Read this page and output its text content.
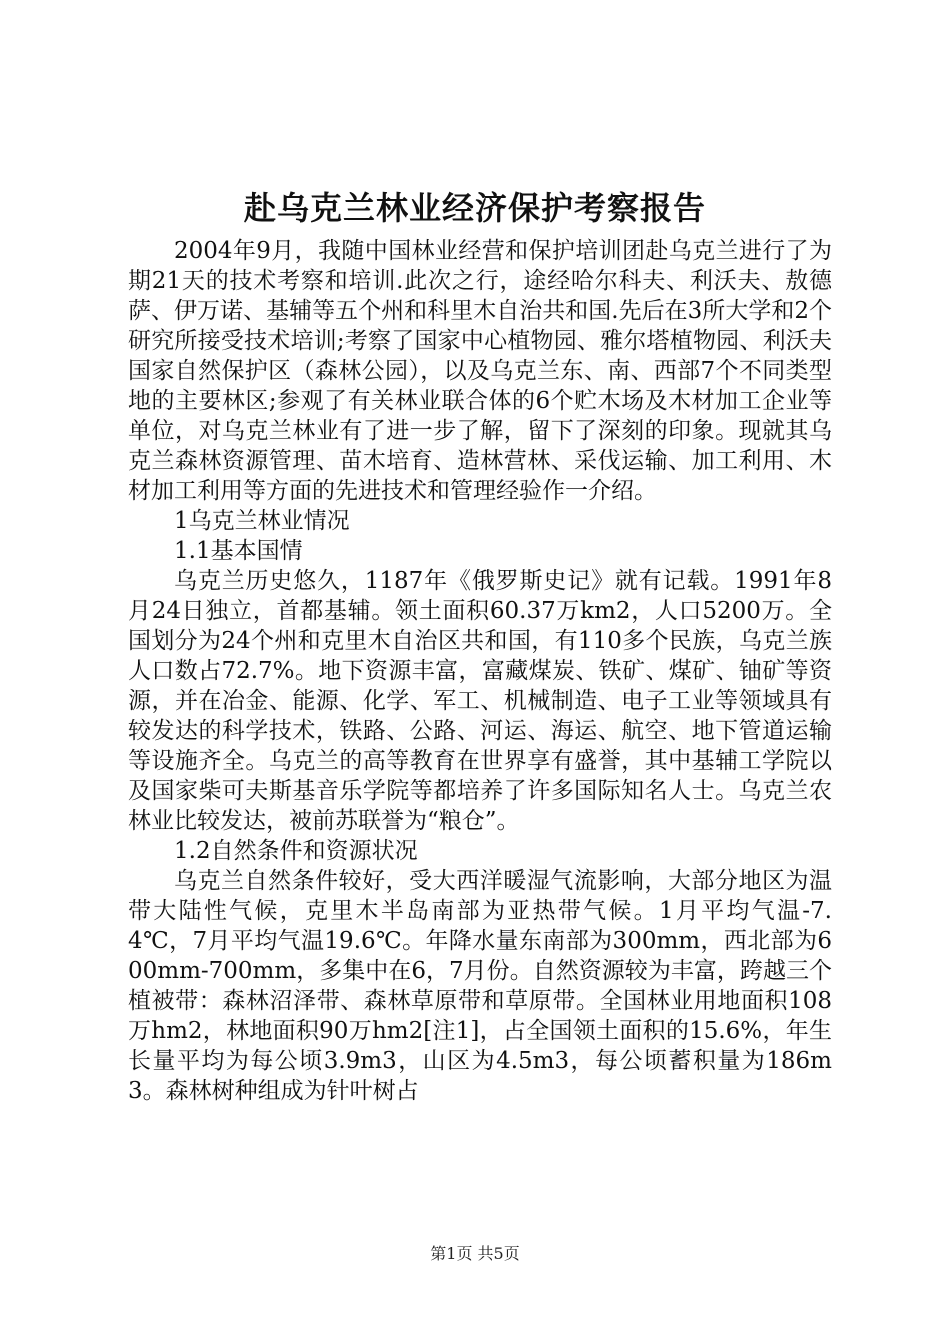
赴乌克兰林业经济保护考察报告

2004年9月，我随中国林业经营和保护培训团赴乌克兰进行了为期21天的技术考察和培训.此次之行，途经哈尔科夫、利沃夫、敖德萨、伊万诺、基辅等五个州和科里木自治共和国.先后在3所大学和2个研究所接受技术培训;考察了国家中心植物园、雅尔塔植物园、利沃夫国家自然保护区（森林公园），以及乌克兰东、南、西部7个不同类型地的主要林区;参观了有关林业联合体的6个贮木场及木材加工企业等单位，对乌克兰林业有了进一步了解，留下了深刻的印象。现就其乌克兰森林资源管理、苗木培育、造林营林、采伐运输、加工利用、木材加工利用等方面的先进技术和管理经验作一介绍。

1乌克兰林业情况

1.1基本国情

乌克兰历史悠久，1187年《俄罗斯史记》就有记载。1991年8月24日独立，首都基辅。领土面积60.37万km2，人口5200万。全国划分为24个州和克里木自治区共和国，有110多个民族，乌克兰族人口数占72.7%。地下资源丰富，富藏煤炭、铁矿、煤矿、铀矿等资源，并在冶金、能源、化学、军工、机械制造、电子工业等领域具有较发达的科学技术，铁路、公路、河运、海运、航空、地下管道运输等设施齐全。乌克兰的高等教育在世界享有盛誉，其中基辅工学院以及国家柴可夫斯基音乐学院等都培养了许多国际知名人士。乌克兰农林业比较发达，被前苏联誉为“粮仓”。

1.2自然条件和资源状况

乌克兰自然条件较好，受大西洋暖湿气流影响，大部分地区为温带大陆性气候，克里木半岛南部为亚热带气候。1月平均气温-7.4℃，7月平均气温19.6℃。年降水量东南部为300mm，西北部为600mm-700mm，多集中在6，7月份。自然资源较为丰富，跨越三个植被带：森林沼泽带、森林草原带和草原带。全国林业用地面积108万hm2，林地面积90万hm2[注1]，占全国领土面积的15.6%，年生长量平均为每公顷3.9m3，山区为4.5m3，每公顷蓄积量为186m3。森林树种组成为针叶树占

第1页 共5页
